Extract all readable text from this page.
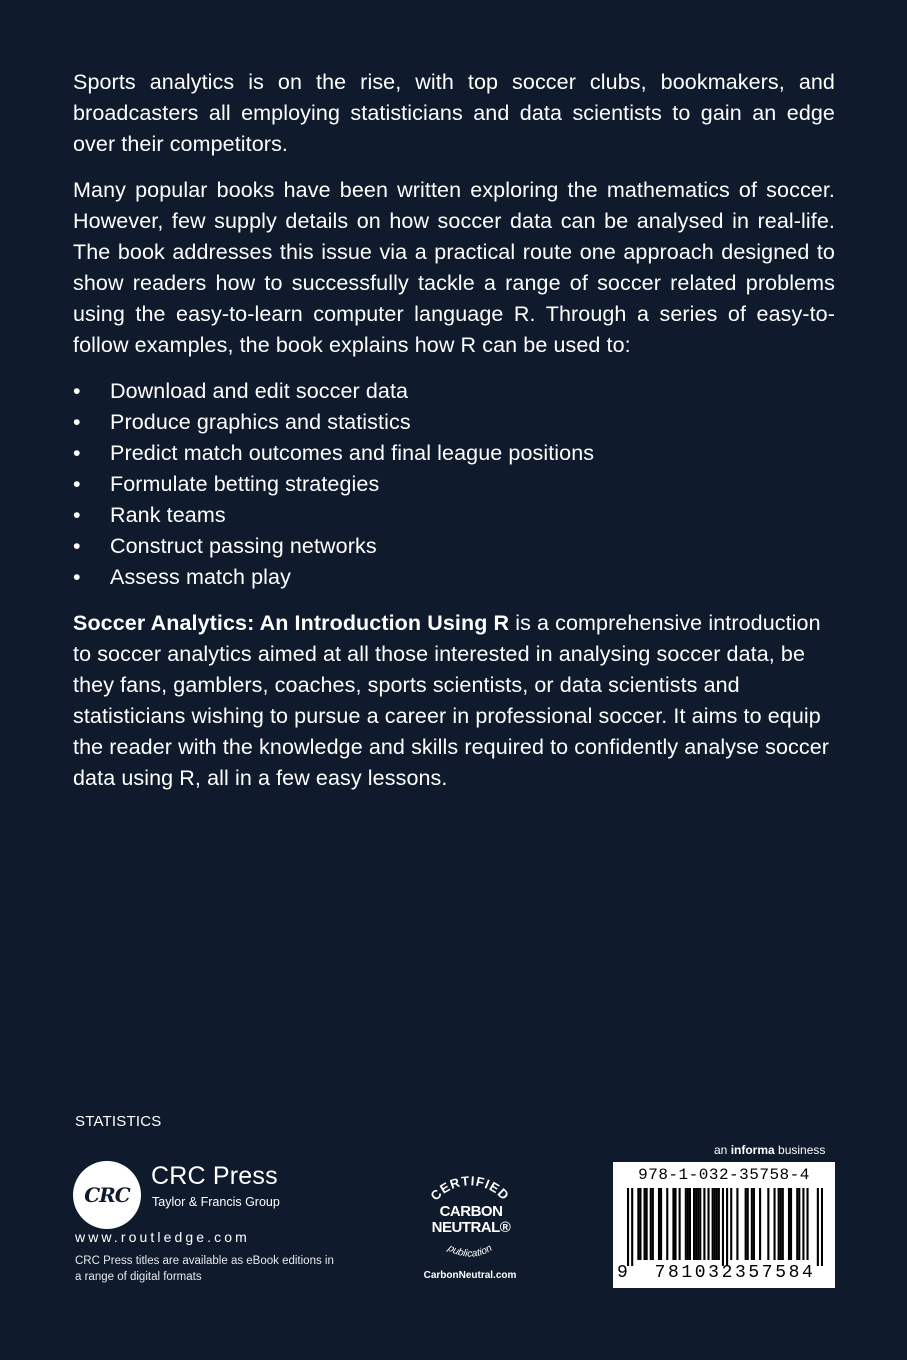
Sports analytics is on the rise, with top soccer clubs, bookmakers, and broadcasters all employing statisticians and data scientists to gain an edge over their competitors.

Many popular books have been written exploring the mathematics of soccer. However, few supply details on how soccer data can be analysed in real-life. The book addresses this issue via a practical route one approach designed to show readers how to successfully tackle a range of soccer related problems using the easy-to-learn computer language R. Through a series of easy-to-follow examples, the book explains how R can be used to:

•	Download and edit soccer data
•	Produce graphics and statistics
•	Predict match outcomes and final league positions
•	Formulate betting strategies
•	Rank teams
•	Construct passing networks
•	Assess match play

Soccer Analytics: An Introduction Using R is a comprehensive introduction to soccer analytics aimed at all those interested in analysing soccer data, be they fans, gamblers, coaches, sports scientists, or data scientists and statisticians wishing to pursue a career in professional soccer. It aims to equip the reader with the knowledge and skills required to confidently analyse soccer data using R, all in a few easy lessons.

STATISTICS
CRC
CRC Press
Taylor & Francis Group
www.routledge.com
CRC Press titles are available as eBook editions in a range of digital formats
CERTIFIED
publication
CARBON
NEUTRAL®
CarbonNeutral.com
an informa business
978-1-032-35758-4
9	781032357584
